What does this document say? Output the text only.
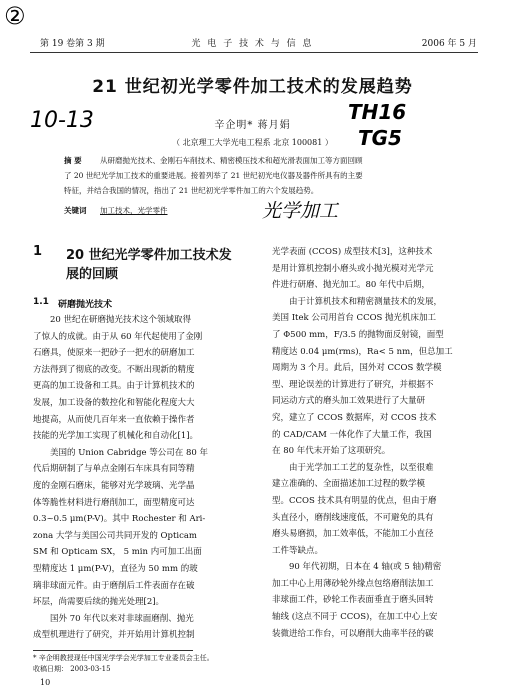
第 19 卷第 3 期	光 电 子 技 术 与 信 息	2006 年 5 月
②
21 世纪初光学零件加工技术的发展趋势
10-13	TH16
TG5
辛企明* 蒋月娟
（ 北京理工大学光电工程系 北京 100081 ）
摘 要 从研磨抛光技术、金刚石车削技术、精密模压技术和超光滑表面加工等方面回顾
了 20 世纪光学加工技术的重要进展。接着列举了 21 世纪初光电仪器及器件所具有的主要
特征，并结合我国的情况，指出了 21 世纪初光学零件加工的六个发展趋势。
关键词 加工技术，光学零件	光学加工
1 20 世纪光学零件加工技术发
展的回顾
1.1 研磨抛光技术
20 世纪在研磨抛光技术这个领域取得
了惊人的成就。由于从 60 年代起使用了金刚
石磨具，使原来一把砂子一把水的研磨加工
方法得到了彻底的改变。不断出现新的精度
更高的加工设备和工具。由于计算机技术的
发展，加工设备的数控化和智能化程度大大
地提高，从而使几百年来一直依赖于操作者
技能的光学加工实现了机械化和自动化[1]。
美国的 Union Cabridge 等公司在 80 年
代后期研制了与单点金刚石车床具有同等精
度的金刚石磨床，能够对光学玻璃、光学晶
体等脆性材料进行磨削加工，面型精度可达
0.3~0.5 μm(P-V)。其中 Rochester 和 Ari-
zona 大学与美国公司共同开发的 Opticam
SM 和 Opticam SX， 5 min 内可加工出面
型精度达 1 μm(P-V)，直径为 50 mm 的玻
璃非球面元件。由于磨削后工件表面存在破
坏层，尚需要后续的抛光处理[2]。
国外 70 年代以来对非球面磨削、抛光
成型机理进行了研究，并开始用计算机控制
光学表面 (CCOS) 成型技术[3]，这种技术
是用计算机控制小磨头或小抛光模对光学元
件进行研磨、抛光加工。80 年代中后期，
由于计算机技术和精密测量技术的发展，
美国 Itek 公司用首台 CCOS 抛光机床加工
了 Φ500 mm，F/3.5 的抛物面反射镜，面型
精度达 0.04 μm(rms)，Ra< 5 nm，但总加工
周期为 3 个月。此后，国外对 CCOS 数学模
型、理论误差的计算进行了研究，并根据不
同运动方式的磨头加工效果进行了大量研
究，建立了 CCOS 数据库，对 CCOS 技术
的 CAD/CAM 一体化作了大量工作，我国
在 80 年代末开始了这项研究。
由于光学加工工艺的复杂性，以至很难
建立准确的、全面描述加工过程的数学模
型。CCOS 技术具有明显的优点，但由于磨
头直径小，磨削线速度低，不可避免的具有
磨头易磨损，加工效率低，不能加工小直径
工件等缺点。
90 年代初期，日本在 4 轴(或 5 轴)精密
加工中心上用薄砂轮外缘点包络磨削法加工
非球面工件，砂轮工作表面垂直于磨头回转
轴线 (这点不同于 CCOS)，在加工中心上安
装微进给工作台，可以磨削大曲率半径的碳
* 辛企明教授现任中国光学学会光学加工专业委员会主任。
收稿日期： 2003-03-15
10
